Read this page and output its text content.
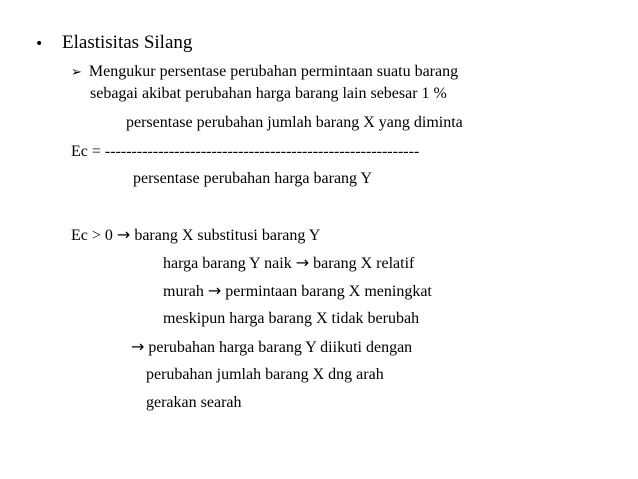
• Elastisitas Silang
➢ Mengukur persentase perubahan permintaan suatu barang
sebagai akibat perubahan harga barang lain sebesar 1 %
persentase perubahan jumlah barang X yang diminta
Ec = -----------------------------------------------------------
persentase perubahan harga barang Y
Ec > 0 → barang X substitusi barang Y
harga barang Y naik → barang X relatif
murah → permintaan barang X meningkat
meskipun harga barang X tidak berubah
→ perubahan harga barang Y diikuti dengan
perubahan jumlah barang X dng arah
gerakan searah
